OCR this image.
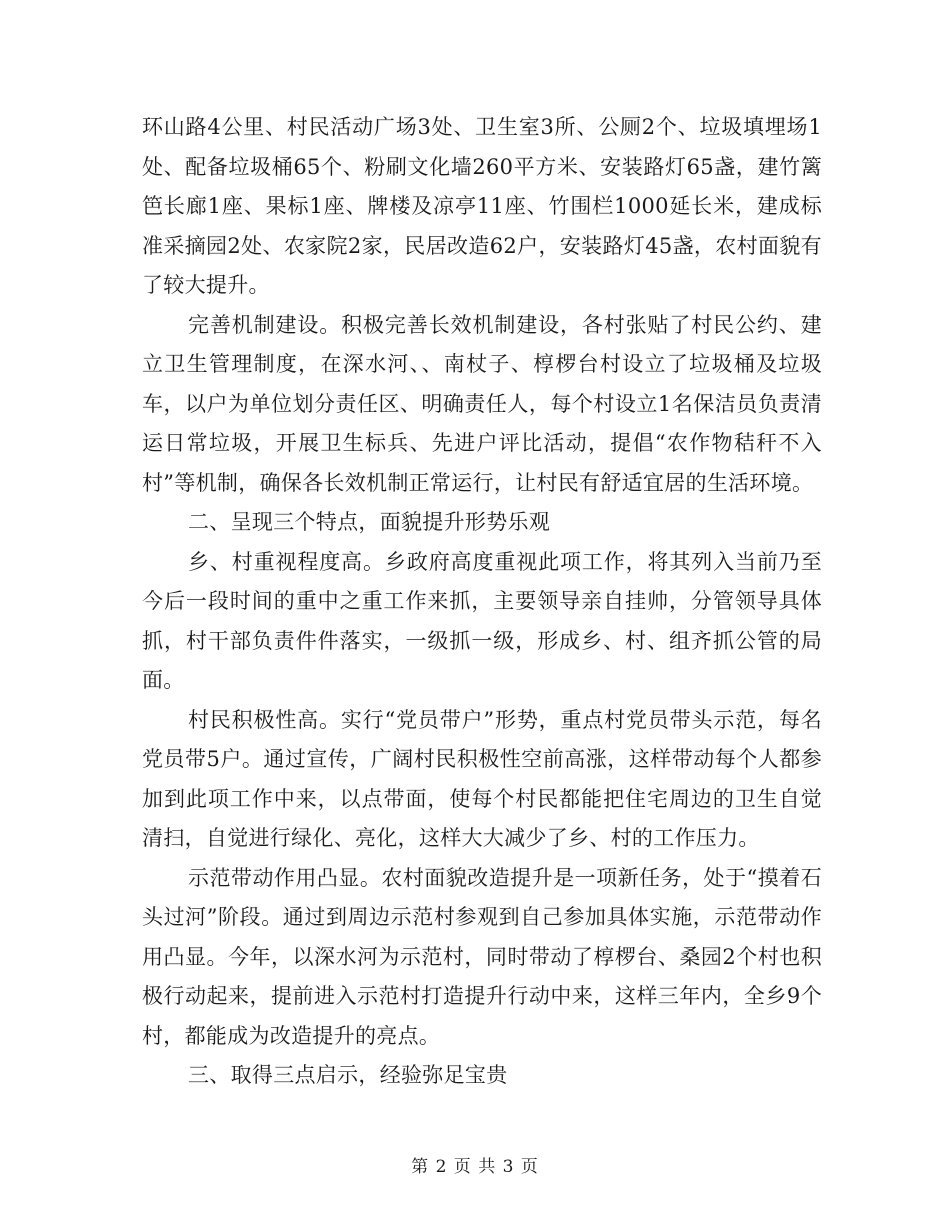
环山路4公里、村民活动广场3处、卫生室3所、公厕2个、垃圾填埋场1处、配备垃圾桶65个、粉刷文化墙260平方米、安装路灯65盏，建竹篱笆长廊1座、果标1座、牌楼及凉亭11座、竹围栏1000延长米，建成标准采摘园2处、农家院2家，民居改造62户，安装路灯45盏，农村面貌有了较大提升。

完善机制建设。积极完善长效机制建设，各村张贴了村民公约、建立卫生管理制度，在深水河、、南杖子、椁椤台村设立了垃圾桶及垃圾车，以户为单位划分责任区、明确责任人，每个村设立1名保洁员负责清运日常垃圾，开展卫生标兵、先进户评比活动，提倡“农作物秸秆不入村”等机制，确保各长效机制正常运行，让村民有舒适宜居的生活环境。

二、呈现三个特点，面貌提升形势乐观

乡、村重视程度高。乡政府高度重视此项工作，将其列入当前乃至今后一段时间的重中之重工作来抓，主要领导亲自挂帅，分管领导具体抓，村干部负责件件落实，一级抓一级，形成乡、村、组齐抓公管的局面。

村民积极性高。实行“党员带户”形势，重点村党员带头示范，每名党员带5户。通过宣传，广阔村民积极性空前高涨，这样带动每个人都参加到此项工作中来，以点带面，使每个村民都能把住宅周边的卫生自觉清扫，自觉进行绿化、亮化，这样大大减少了乡、村的工作压力。

示范带动作用凸显。农村面貌改造提升是一项新任务，处于“摸着石头过河”阶段。通过到周边示范村参观到自己参加具体实施，示范带动作用凸显。今年，以深水河为示范村，同时带动了椁椤台、桑园2个村也积极行动起来，提前进入示范村打造提升行动中来，这样三年内，全乡9个村，都能成为改造提升的亮点。

三、取得三点启示，经验弥足宝贵

第 2 页 共 3 页
